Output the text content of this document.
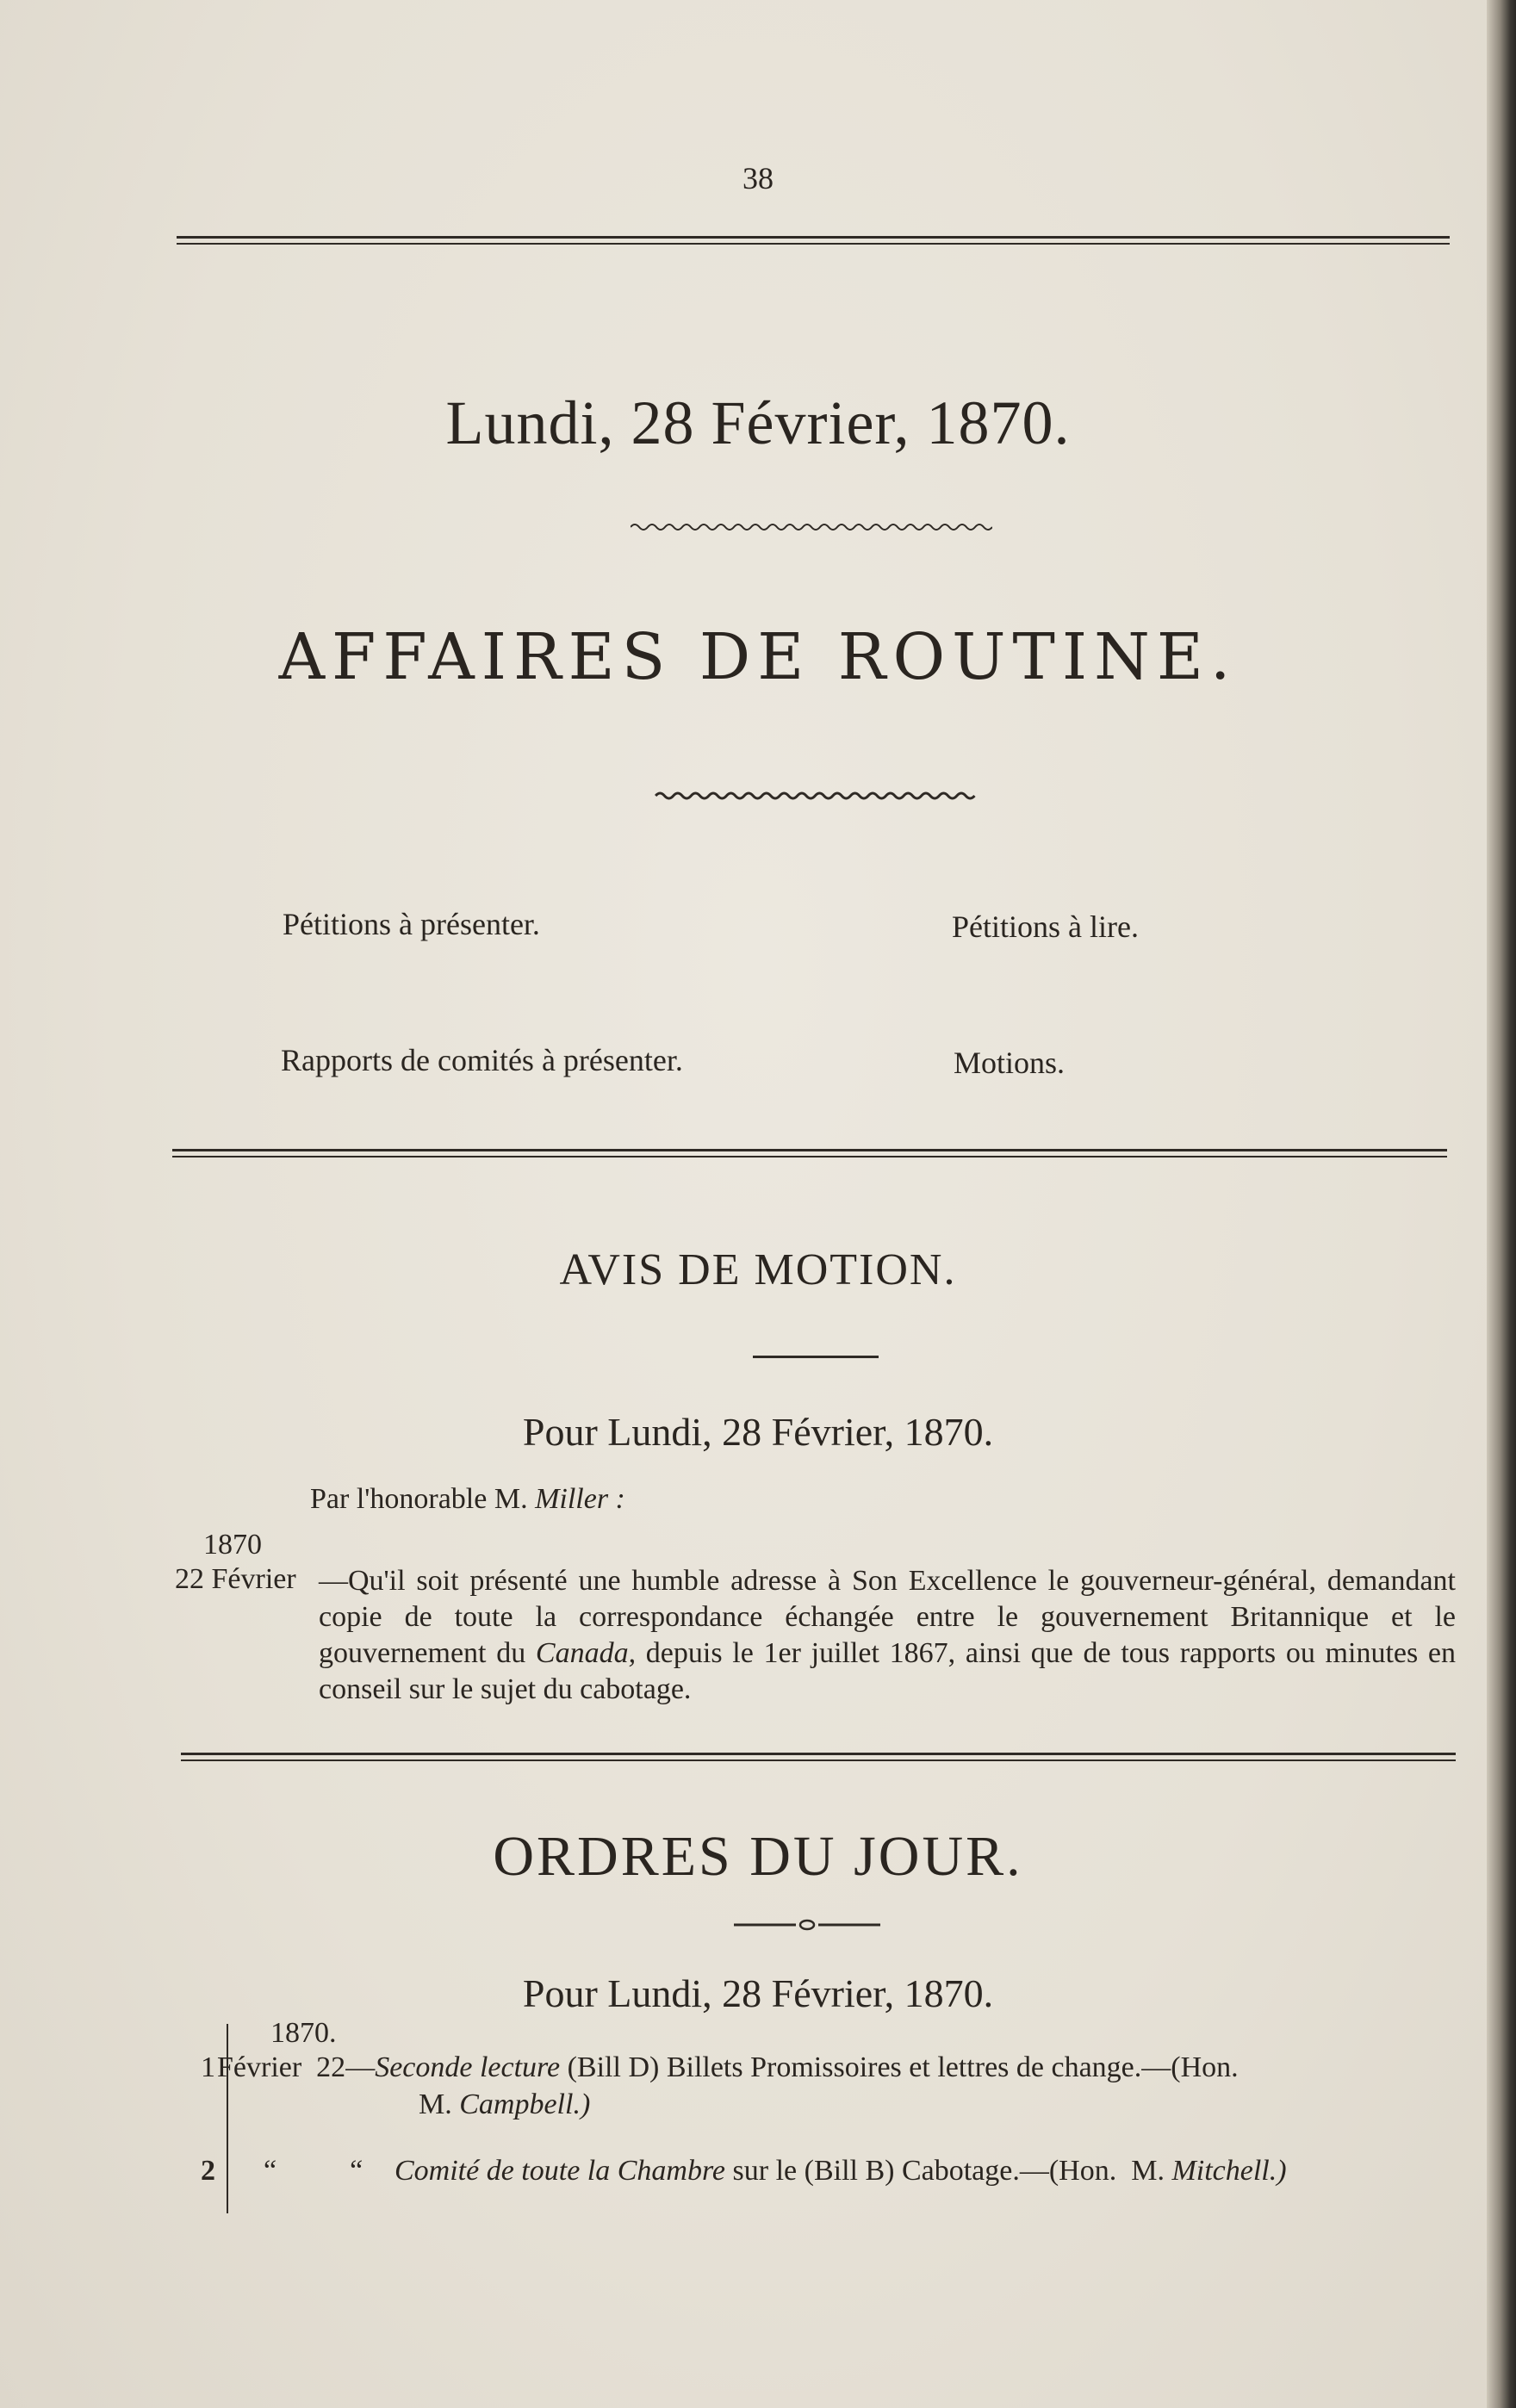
38
Lundi, 28 Février, 1870.
AFFAIRES DE ROUTINE.
Pétitions à présenter.	Pétitions à lire.
Rapports de comités à présenter.	Motions.
AVIS DE MOTION.
Pour Lundi, 28 Février, 1870.
Par l'honorable M. Miller :
1870
22 Février —Qu'il soit présenté une humble adresse à Son Excellence le gouverneur-général, demandant copie de toute la correspondance échangée entre le gouvernement Britannique et le gouvernement du Canada, depuis le 1er juillet 1867, ainsi que de tous rapports ou minutes en conseil sur le sujet du cabotage.
ORDRES DU JOUR.
Pour Lundi, 28 Février, 1870.
1870.
1 Février  22—Seconde lecture (Bill D) Billets Promissoires et lettres de change.—(Hon.
M. Campbell.)
2 “          “ Comité de toute la Chambre sur le (Bill B) Cabotage.—(Hon.  M. Mitchell.)
